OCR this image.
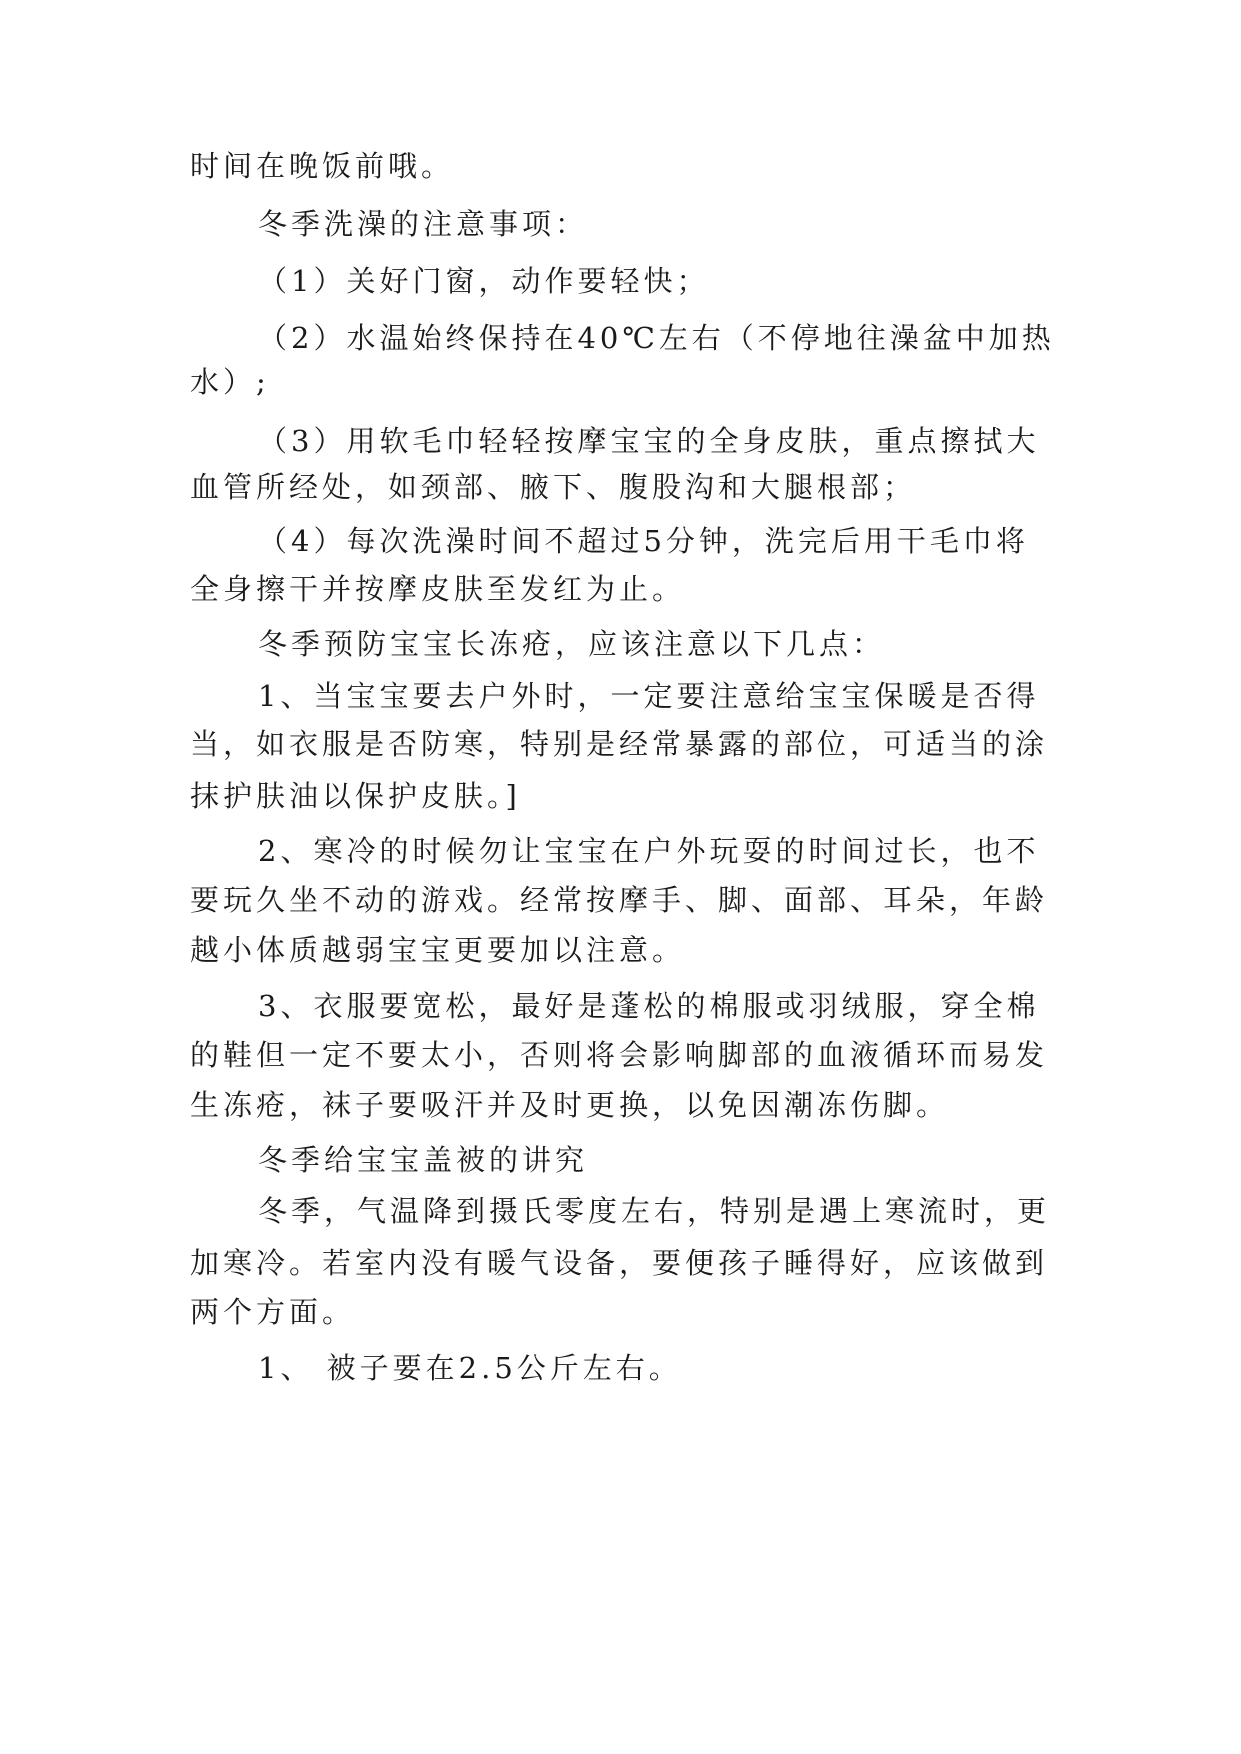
时间在晚饭前哦。
冬季洗澡的注意事项：
（1）关好门窗，动作要轻快；
（2）水温始终保持在40℃左右（不停地往澡盆中加热
水）;
（3）用软毛巾轻轻按摩宝宝的全身皮肤，重点擦拭大
血管所经处，如颈部、腋下、腹股沟和大腿根部；
（4）每次洗澡时间不超过5分钟，洗完后用干毛巾将
全身擦干并按摩皮肤至发红为止。
冬季预防宝宝长冻疮，应该注意以下几点：
1、当宝宝要去户外时，一定要注意给宝宝保暖是否得
当，如衣服是否防寒，特别是经常暴露的部位，可适当的涂
抹护肤油以保护皮肤。]
2、寒冷的时候勿让宝宝在户外玩耍的时间过长，也不
要玩久坐不动的游戏。经常按摩手、脚、面部、耳朵，年龄
越小体质越弱宝宝更要加以注意。
3、衣服要宽松，最好是蓬松的棉服或羽绒服，穿全棉
的鞋但一定不要太小，否则将会影响脚部的血液循环而易发
生冻疮，袜子要吸汗并及时更换，以免因潮冻伤脚。
冬季给宝宝盖被的讲究
冬季，气温降到摄氏零度左右，特别是遇上寒流时，更
加寒冷。若室内没有暖气设备，要便孩子睡得好，应该做到
两个方面。
1、 被子要在2.5公斤左右。
